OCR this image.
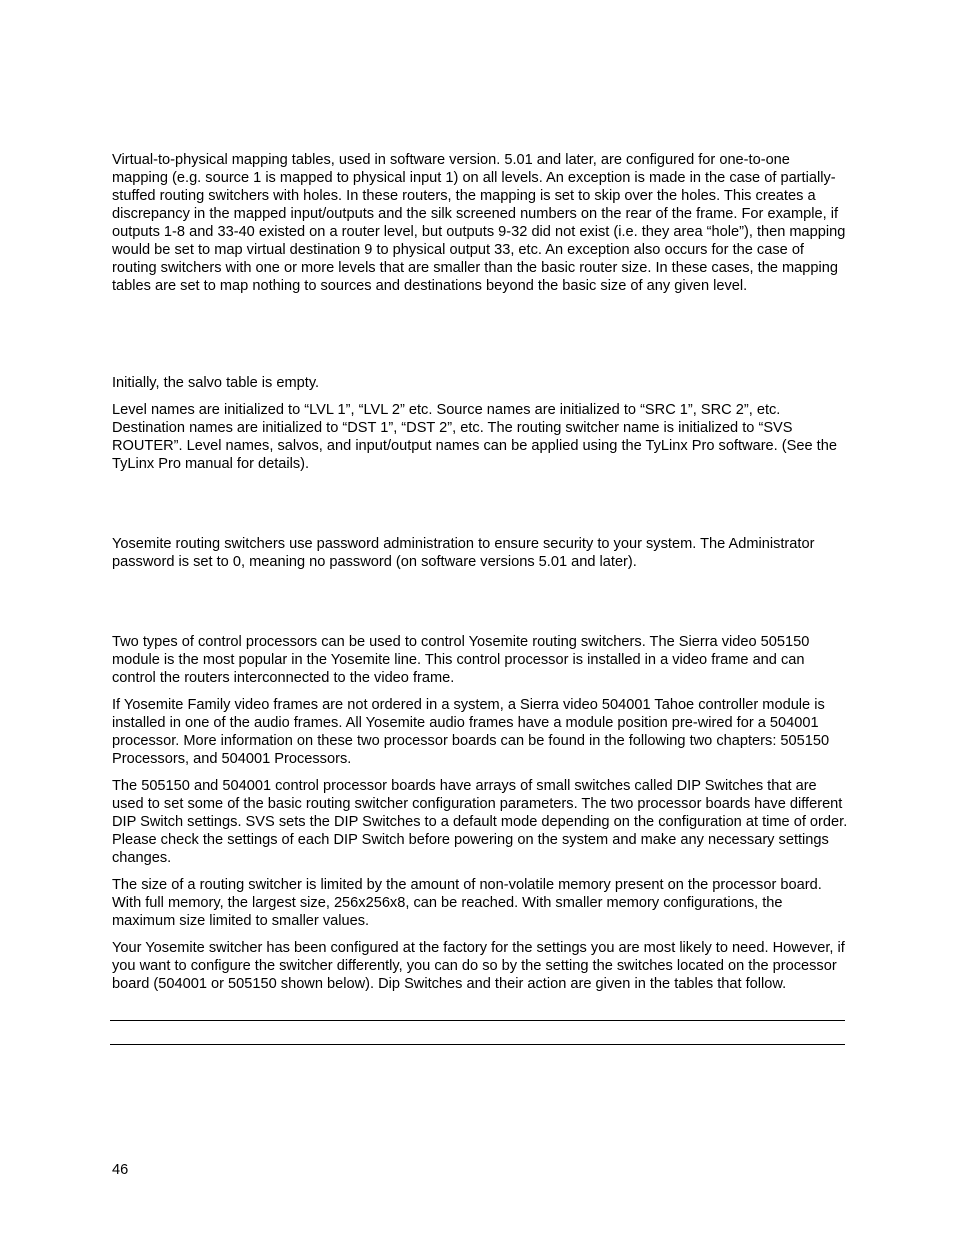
Virtual-to-physical mapping tables, used in software version. 5.01 and later, are configured for one-to-one mapping (e.g. source 1 is mapped to physical input 1) on all levels. An exception is made in the case of partially-stuffed routing switchers with holes. In these routers, the mapping is set to skip over the holes. This creates a discrepancy in the mapped input/outputs and the silk screened numbers on the rear of the frame. For example, if outputs 1-8 and 33-40 existed on a router level, but outputs 9-32 did not exist (i.e. they area “hole”), then mapping would be set to map virtual destination 9 to physical output 33, etc. An exception also occurs for the case of routing switchers with one or more levels that are smaller than the basic router size. In these cases, the mapping tables are set to map nothing to sources and destinations beyond the basic size of any given level.

Initially, the salvo table is empty.

Level names are initialized to “LVL 1”, “LVL 2” etc. Source names are initialized to “SRC 1”, SRC 2”, etc. Destination names are initialized to “DST 1”, “DST 2”, etc. The routing switcher name is initialized to “SVS ROUTER”. Level names, salvos, and input/output names can be applied using the TyLinx Pro software. (See the TyLinx Pro manual for details).

Yosemite routing switchers use password administration to ensure security to your system. The Administrator password is set to 0, meaning no password (on software versions 5.01 and later).

Two types of control processors can be used to control Yosemite routing switchers. The Sierra video 505150 module is the most popular in the Yosemite line. This control processor is installed in a video frame and can control the routers interconnected to the video frame.

If Yosemite Family video frames are not ordered in a system, a Sierra video 504001 Tahoe controller module is installed in one of the audio frames. All Yosemite audio frames have a module position pre-wired for a 504001 processor. More information on these two processor boards can be found in the following two chapters: 505150 Processors, and 504001 Processors.

The 505150 and 504001 control processor boards have arrays of small switches called DIP Switches that are used to set some of the basic routing switcher configuration parameters. The two processor boards have different DIP Switch settings. SVS sets the DIP Switches to a default mode depending on the configuration at time of order. Please check the settings of each DIP Switch before powering on the system and make any necessary settings changes.

The size of a routing switcher is limited by the amount of non-volatile memory present on the processor board. With full memory, the largest size, 256x256x8, can be reached. With smaller memory configurations, the maximum size limited to smaller values.

Your Yosemite switcher has been configured at the factory for the settings you are most likely to need. However, if you want to configure the switcher differently, you can do so by the setting the switches located on the processor board (504001 or 505150 shown below). Dip Switches and their action are given in the tables that follow.

46
